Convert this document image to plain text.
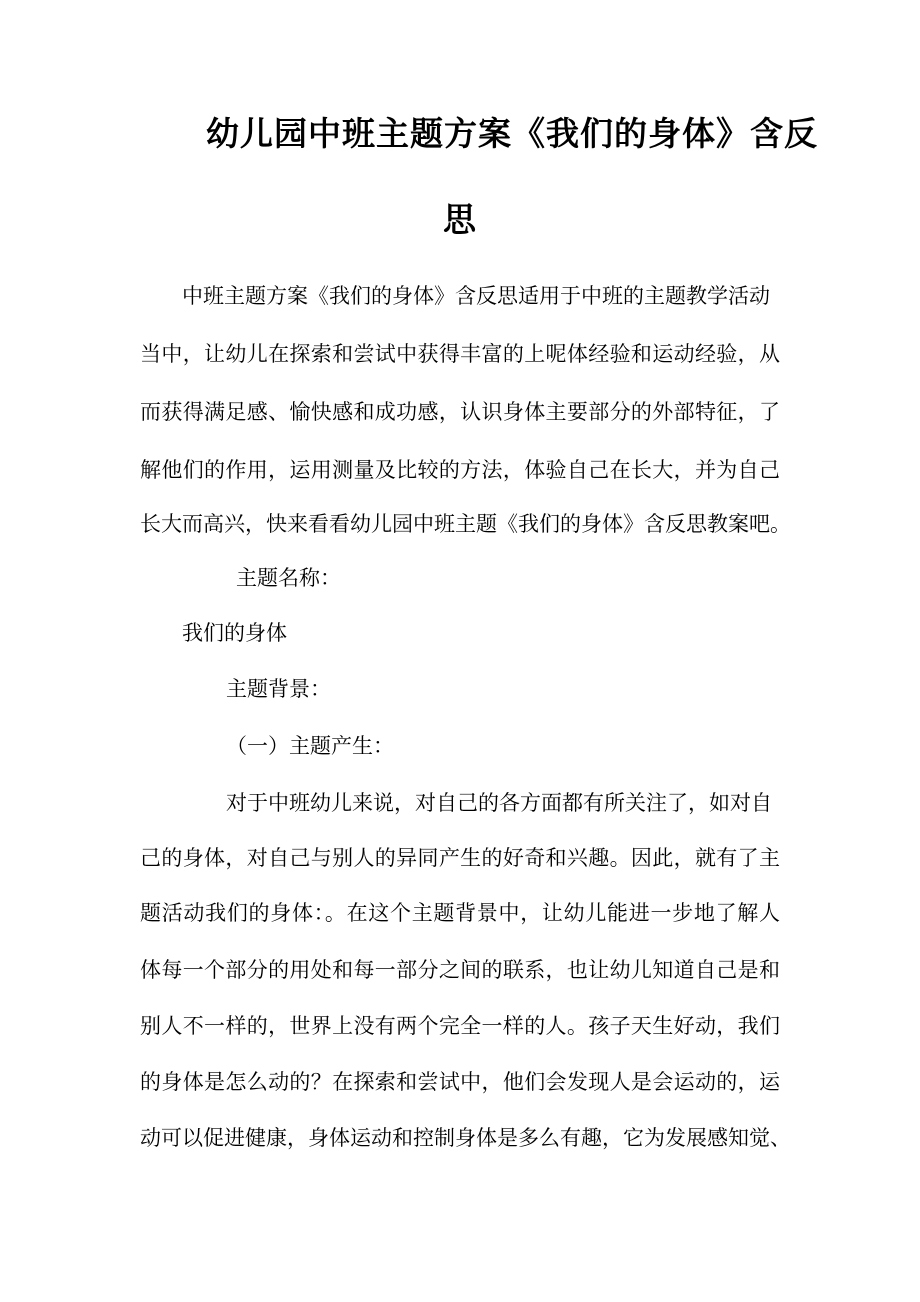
幼儿园中班主题方案《我们的身体》含反
思
中班主题方案《我们的身体》含反思适用于中班的主题教学活动
当中，让幼儿在探索和尝试中获得丰富的上呢体经验和运动经验，从
而获得满足感、愉快感和成功感，认识身体主要部分的外部特征，了
解他们的作用，运用测量及比较的方法，体验自己在长大，并为自己
长大而高兴，快来看看幼儿园中班主题《我们的身体》含反思教案吧。
主题名称：
我们的身体
主题背景：
（一）主题产生：
对于中班幼儿来说，对自己的各方面都有所关注了，如对自
己的身体，对自己与别人的异同产生的好奇和兴趣。因此，就有了主
题活动我们的身体：。在这个主题背景中，让幼儿能进一步地了解人
体每一个部分的用处和每一部分之间的联系，也让幼儿知道自己是和
别人不一样的，世界上没有两个完全一样的人。孩子天生好动，我们
的身体是怎么动的？在探索和尝试中，他们会发现人是会运动的，运
动可以促进健康，身体运动和控制身体是多么有趣，它为发展感知觉、
